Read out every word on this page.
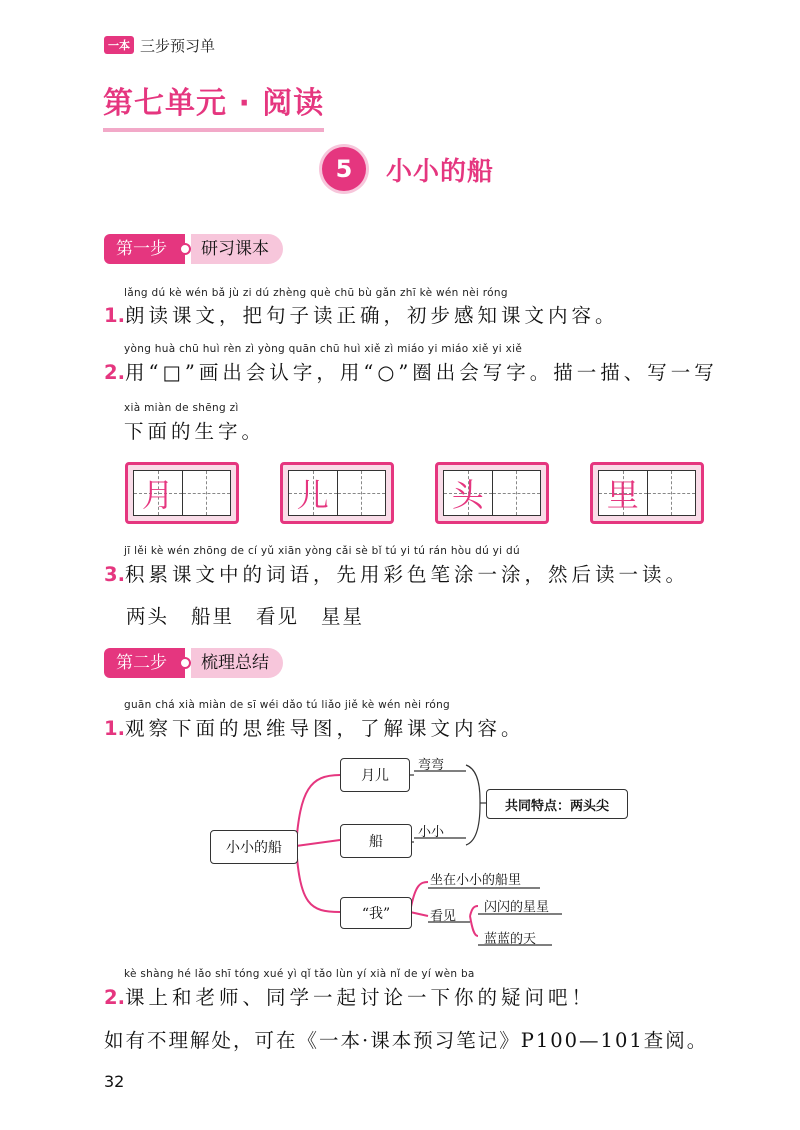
一本 三步预习单
第七单元 · 阅读
5	小小的船
第一步	研习课本
lǎng dú kè wén bǎ jù zi dú zhèng què chū bù gǎn zhī kè wén nèi róng
1.朗读课文，把句子读正确，初步感知课文内容。
yòng huà chū huì rèn zì yòng quān chū huì xiě zì miáo yi miáo xiě yi xiě
2.用“□”画出会认字，用“○”圈出会写字。描一描、写一写
xià miàn de shēng zì
下面的生字。
月	儿	头	里
jī lěi kè wén zhōng de cí yǔ xiān yòng cǎi sè bǐ tú yi tú rán hòu dú yi dú
3.积累课文中的词语，先用彩色笔涂一涂，然后读一读。
两头 船里 看见 星星
第二步	梳理总结
guān chá xià miàn de sī wéi dǎo tú liǎo jiě kè wén nèi róng
1.观察下面的思维导图，了解课文内容。
小小的船
月儿
弯弯
船
小小
共同特点：两头尖
“我”
坐在小小的船里
看见
闪闪的星星
蓝蓝的天
kè shàng hé lǎo shī tóng xué yì qǐ tǎo lùn yí xià nǐ de yí wèn ba
2.课上和老师、同学一起讨论一下你的疑问吧！
如有不理解处，可在《一本·课本预习笔记》P100—101查阅。
32
